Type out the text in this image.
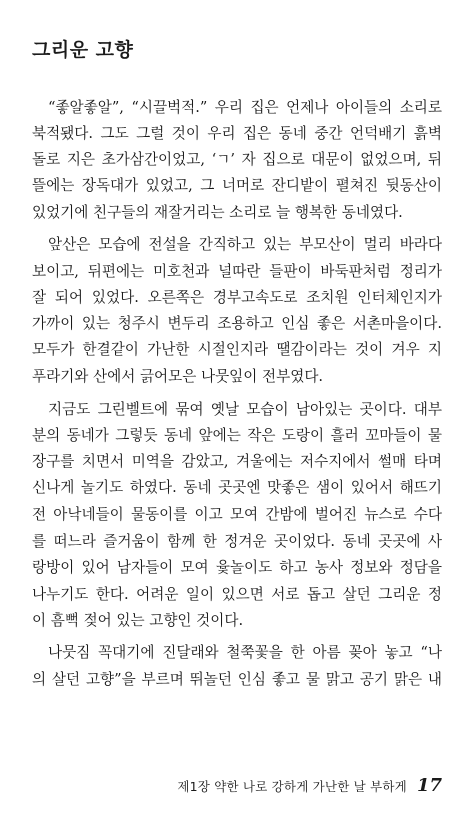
그리운 고향
“좋알좋알”, “시끌벅적.” 우리 집은 언제나 아이들의 소리로
북적됐다. 그도 그럴 것이 우리 집은 동네 중간 언덕배기 흙벽
돌로 지은 초가삼간이었고, ‘ㄱ’ 자 집으로 대문이 없었으며, 뒤
뜰에는 장독대가 있었고, 그 너머로 잔디밭이 펼쳐진 뒷동산이
있었기에 친구들의 재잘거리는 소리로 늘 행복한 동네였다.
앞산은 모습에 전설을 간직하고 있는 부모산이 멀리 바라다
보이고, 뒤편에는 미호천과 널따란 들판이 바둑판처럼 정리가
잘 되어 있었다. 오른쪽은 경부고속도로 조치원 인터체인지가
가까이 있는 청주시 변두리 조용하고 인심 좋은 서촌마을이다.
모두가 한결같이 가난한 시절인지라 땔감이라는 것이 겨우 지
푸라기와 산에서 긁어모은 나뭇잎이 전부였다.
지금도 그린벨트에 묶여 옛날 모습이 남아있는 곳이다. 대부
분의 동네가 그렇듯 동네 앞에는 작은 도랑이 흘러 꼬마들이 물
장구를 치면서 미역을 감았고, 겨울에는 저수지에서 썰매 타며
신나게 놀기도 하였다. 동네 곳곳엔 맛좋은 샘이 있어서 해뜨기
전 아낙네들이 물동이를 이고 모여 간밤에 벌어진 뉴스로 수다
를 떠느라 즐거움이 함께 한 정겨운 곳이었다. 동네 곳곳에 사
랑방이 있어 남자들이 모여 윷놀이도 하고 농사 정보와 정담을
나누기도 한다. 어려운 일이 있으면 서로 돕고 살던 그리운 정
이 흠뻑 젖어 있는 고향인 것이다.
나뭇짐 꼭대기에 진달래와 철쭉꽃을 한 아름 꽂아 놓고 “나
의 살던 고향”을 부르며 뛰놀던 인심 좋고 물 맑고 공기 맑은 내
제1장 약한 나로 강하게 가난한 날 부하게 17
